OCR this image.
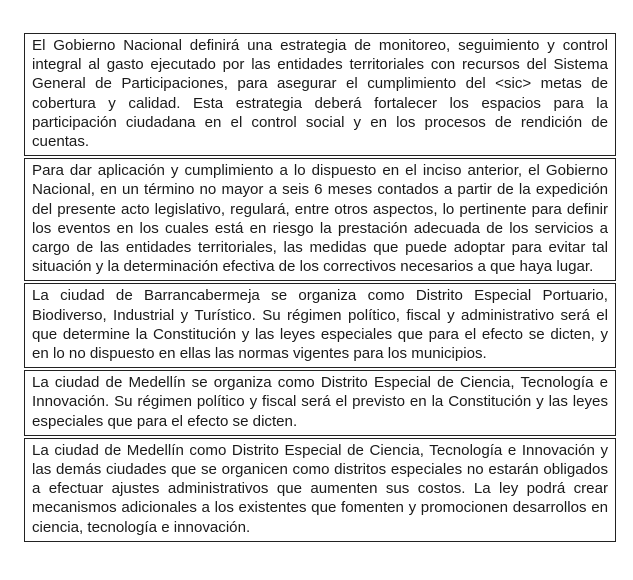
El Gobierno Nacional definirá una estrategia de monitoreo, seguimiento y control integral al gasto ejecutado por las entidades territoriales con recursos del Sistema General de Participaciones, para asegurar el cumplimiento del <sic> metas de cobertura y calidad. Esta estrategia deberá fortalecer los espacios para la participación ciudadana en el control social y en los procesos de rendición de cuentas.
Para dar aplicación y cumplimiento a lo dispuesto en el inciso anterior, el Gobierno Nacional, en un término no mayor a seis 6 meses contados a partir de la expedición del presente acto legislativo, regulará, entre otros aspectos, lo pertinente para definir los eventos en los cuales está en riesgo la prestación adecuada de los servicios a cargo de las entidades territoriales, las medidas que puede adoptar para evitar tal situación y la determinación efectiva de los correctivos necesarios a que haya lugar.
La ciudad de Barrancabermeja se organiza como Distrito Especial Portuario, Biodiverso, Industrial y Turístico. Su régimen político, fiscal y administrativo será el que determine la Constitución y las leyes especiales que para el efecto se dicten, y en lo no dispuesto en ellas las normas vigentes para los municipios.
La ciudad de Medellín se organiza como Distrito Especial de Ciencia, Tecnología e Innovación. Su régimen político y fiscal será el previsto en la Constitución y las leyes especiales que para el efecto se dicten.
La ciudad de Medellín como Distrito Especial de Ciencia, Tecnología e Innovación y las demás ciudades que se organicen como distritos especiales no estarán obligados a efectuar ajustes administrativos que aumenten sus costos. La ley podrá crear mecanismos adicionales a los existentes que fomenten y promocionen desarrollos en ciencia, tecnología e innovación.
